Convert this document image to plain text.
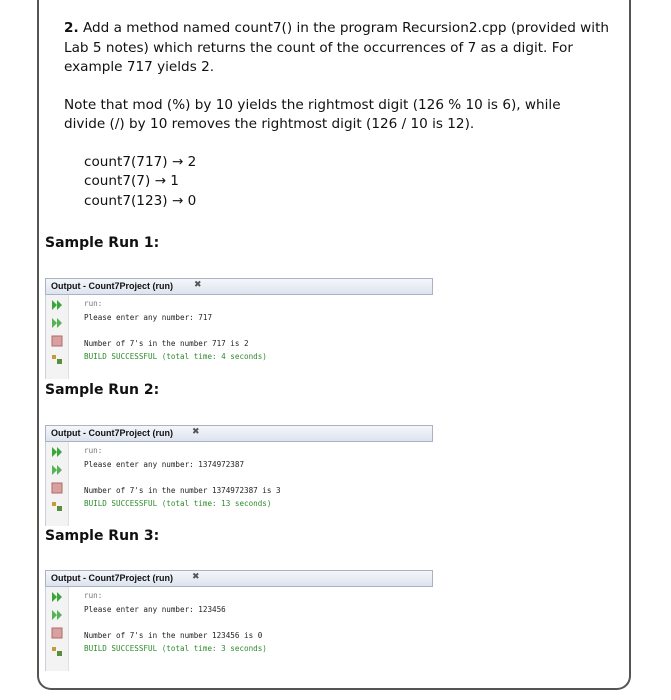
2. Add a method named count7() in the program Recursion2.cpp (provided with

Lab 5 notes) which returns the count of the occurrences of 7 as a digit. For

example 717 yields 2.

Note that mod (%) by 10 yields the rightmost digit (126 % 10 is 6), while

divide (/) by 10 removes the rightmost digit (126 / 10 is 12).

count7(717) → 2

count7(7) → 1

count7(123) → 0

Sample Run 1:
Output - Count7Project (run) ✖
run:
Please enter any number: 717
Number of 7's in the number 717 is 2
BUILD SUCCESSFUL (total time: 4 seconds)
Sample Run 2:
Output - Count7Project (run) ✖
run:
Please enter any number: 1374972387
Number of 7's in the number 1374972387 is 3
BUILD SUCCESSFUL (total time: 13 seconds)
Sample Run 3:
Output - Count7Project (run) ✖
run:
Please enter any number: 123456
Number of 7's in the number 123456 is 0
BUILD SUCCESSFUL (total time: 3 seconds)
